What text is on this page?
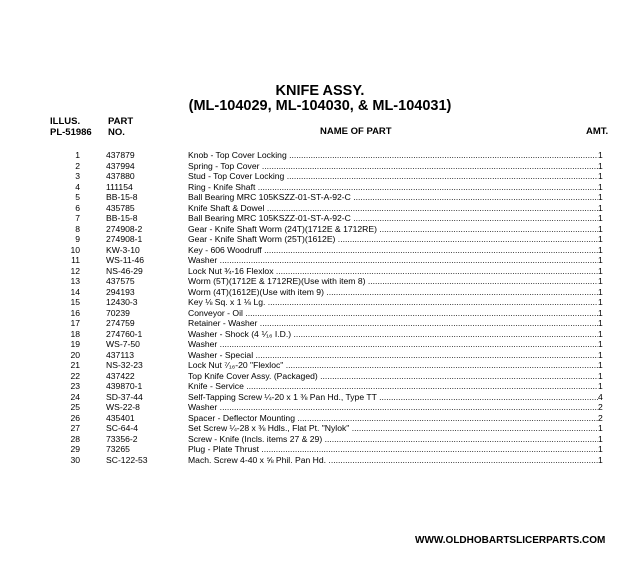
KNIFE ASSY.
(ML-104029, ML-104030, & ML-104031)
ILLUS.
PL-51986
PART
NO.	NAME OF PART	AMT.
1	437879	Knob - Top Cover Locking .....	1
2	437994	Spring - Top Cover .....	1
3	437880	Stud - Top Cover Locking .....	1
4	111154	Ring - Knife Shaft .....	1
5	BB-15-8	Ball Bearing MRC 105KSZZ-01-ST-A-92-C .....	1
6	435785	Knife Shaft & Dowel .....	1
7	BB-15-8	Ball Bearing MRC 105KSZZ-01-ST-A-92-C .....	1
8	274908-2	Gear - Knife Shaft Worm (24T)(1712E & 1712RE) .....	1
9	274908-1	Gear - Knife Shaft Worm (25T)(1612E) .....	1
10	KW-3-10	Key - 606 Woodruff .....	1
11	WS-11-46	Washer .....	1
12	NS-46-29	Lock Nut ¾-16 Flexlox .....	1
13	437575	Worm (5T)(1712E & 1712RE)(Use with item 8) .....	1
14	294193	Worm (4T)(1612E)(Use with item 9) .....	1
15	12430-3	Key ⅛ Sq. x 1 ⅛ Lg. .....	1
16	70239	Conveyor - Oil .....	1
17	274759	Retainer - Washer .....	1
18	274760-1	Washer - Shock (4 ⅟₁₆ I.D.) .....	1
19	WS-7-50	Washer .....	1
20	437113	Washer - Special .....	1
21	NS-32-23	Lock Nut ⁷⁄₁₆-20 "Flexloc" .....	1
22	437422	Top Knife Cover Assy. (Packaged) .....	1
23	439870-1	Knife - Service .....	1
24	SD-37-44	Self-Tapping Screw ¼-20 x 1 ⅜ Pan Hd., Type TT .....	4
25	WS-22-8	Washer .....	2
26	435401	Spacer - Deflector Mounting .....	2
27	SC-64-4	Set Screw ¼-28 x ⅜ Hdls., Flat Pt. "Nylok" .....	1
28	73356-2	Screw - Knife (Incls. items 27 & 29) .....	1
29	73265	Plug - Plate Thrust .....	1
30	SC-122-53	Mach. Screw 4-40 x ⅝ Phil. Pan Hd. .....	1
WWW.OLDHOBARTSLICERPARTS.COM
